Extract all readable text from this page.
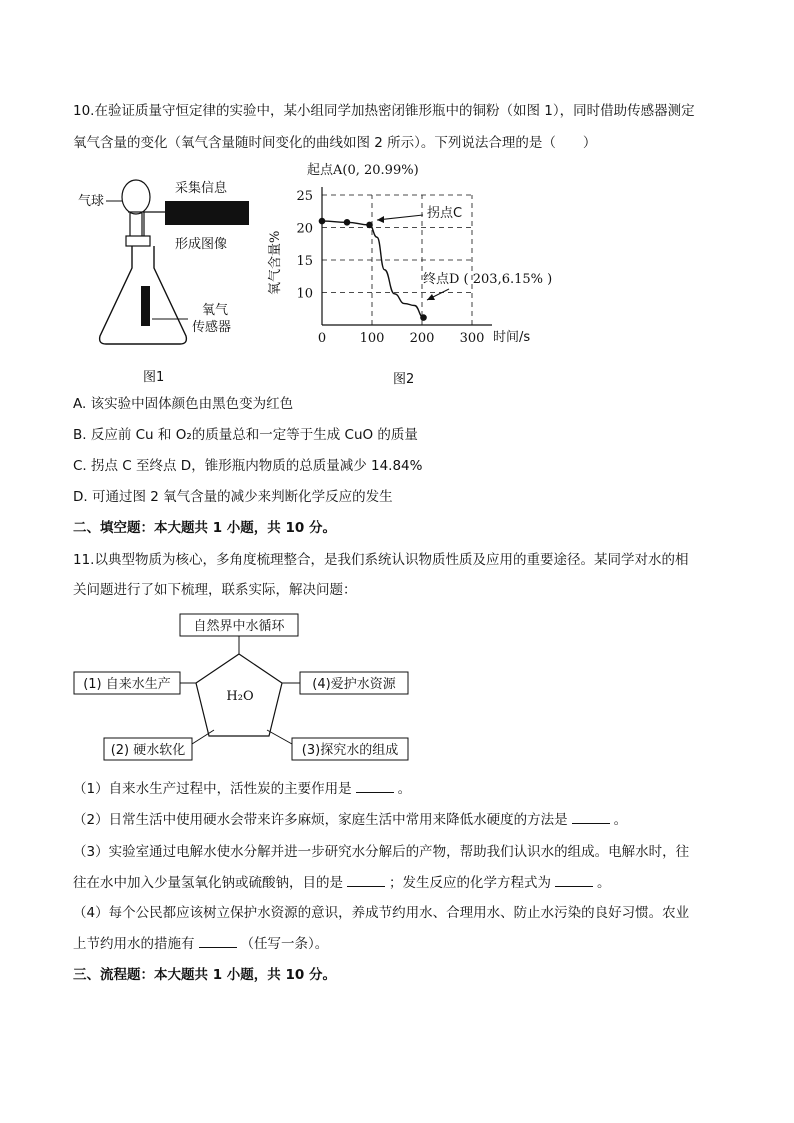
10.在验证质量守恒定律的实验中，某小组同学加热密闭锥形瓶中的铜粉（如图 1），同时借助传感器测定
氧气含量的变化（氧气含量随时间变化的曲线如图 2 所示）。下列说法合理的是（　　）
气球
采集信息
形成图像
氧气
传感器
图1
25
20
15
10
0	100 200 300
氧气含量%
时间/s
起点A(0, 20.99%)
拐点C
终点D ( 203,6.15% )
图2
A. 该实验中固体颜色由黑色变为红色
B. 反应前 Cu 和 O₂的质量总和一定等于生成 CuO 的质量
C. 拐点 C 至终点 D，锥形瓶内物质的总质量减少 14.84%
D. 可通过图 2 氧气含量的减少来判断化学反应的发生
二、填空题：本大题共 1 小题，共 10 分。
11.以典型物质为核心，多角度梳理整合，是我们系统认识物质性质及应用的重要途径。某同学对水的相
关问题进行了如下梳理，联系实际，解决问题：
自然界中水循环
H₂O
(1) 自来水生产	(4)爱护水资源
(2) 硬水软化	(3)探究水的组成
（1）自来水生产过程中，活性炭的主要作用是	。
（2）日常生活中使用硬水会带来许多麻烦，家庭生活中常用来降低水硬度的方法是	。
（3）实验室通过电解水使水分解并进一步研究水分解后的产物，帮助我们认识水的组成。电解水时，往
往在水中加入少量氢氧化钠或硫酸钠，目的是	；发生反应的化学方程式为	。
（4）每个公民都应该树立保护水资源的意识，养成节约用水、合理用水、防止水污染的良好习惯。农业
上节约用水的措施有	（任写一条）。
三、流程题：本大题共 1 小题，共 10 分。
